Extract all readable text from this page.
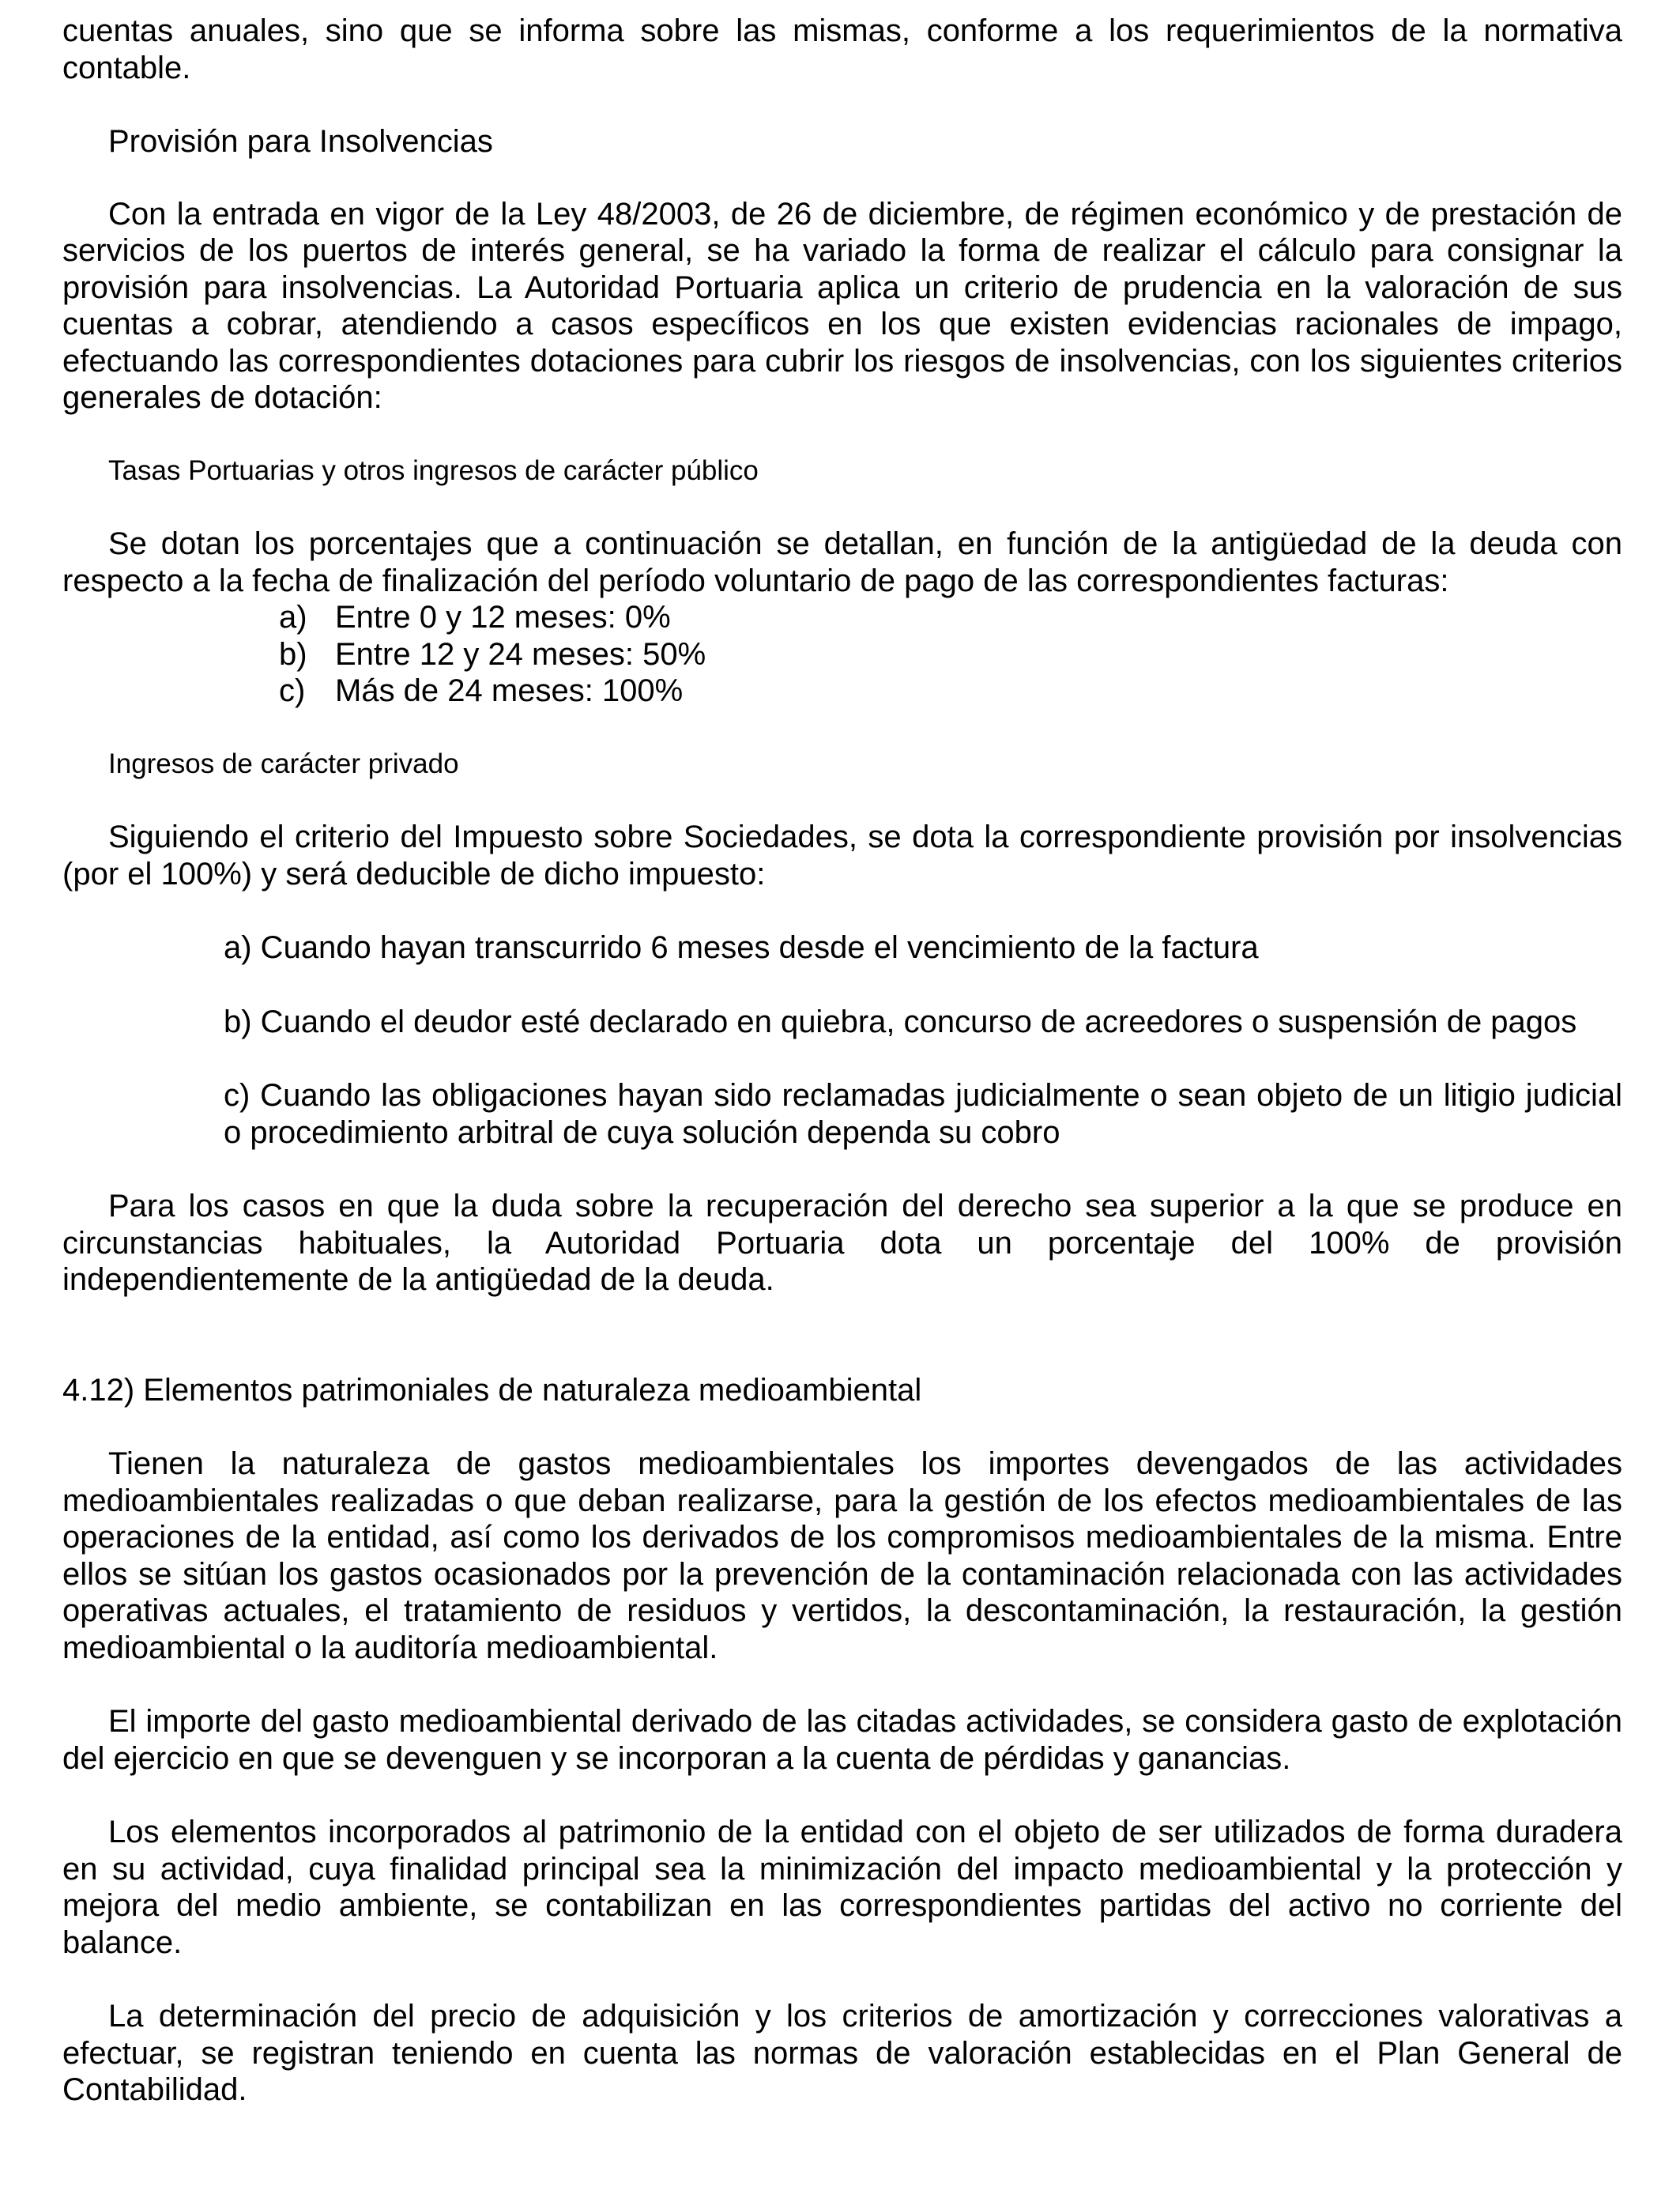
cuentas anuales, sino que se informa sobre las mismas, conforme a los requerimientos de la normativa contable.

Provisión para Insolvencias

Con la entrada en vigor de la Ley 48/2003, de 26 de diciembre, de régimen económico y de prestación de servicios de los puertos de interés general, se ha variado la forma de realizar el cálculo para consignar la provisión para insolvencias. La Autoridad Portuaria aplica un criterio de prudencia en la valoración de sus cuentas a cobrar, atendiendo a casos específicos en los que existen evidencias racionales de impago, efectuando las correspondientes dotaciones para cubrir los riesgos de insolvencias, con los siguientes criterios generales de dotación:

Tasas Portuarias y otros ingresos de carácter público

Se dotan los porcentajes que a continuación se detallan, en función de la antigüedad de la deuda con respecto a la fecha de finalización del período voluntario de pago de las correspondientes facturas:

a) Entre 0 y 12 meses: 0%
b) Entre 12 y 24 meses: 50%
c) Más de 24 meses: 100%

Ingresos de carácter privado

Siguiendo el criterio del Impuesto sobre Sociedades, se dota la correspondiente provisión por insolvencias (por el 100%) y será deducible de dicho impuesto:

a) Cuando hayan transcurrido 6 meses desde el vencimiento de la factura

b) Cuando el deudor esté declarado en quiebra, concurso de acreedores o suspensión de pagos

c) Cuando las obligaciones hayan sido reclamadas judicialmente o sean objeto de un litigio judicial o procedimiento arbitral de cuya solución dependa su cobro

Para los casos en que la duda sobre la recuperación del derecho sea superior a la que se produce en circunstancias habituales, la Autoridad Portuaria dota un porcentaje del 100% de provisión independientemente de la antigüedad de la deuda.

4.12) Elementos patrimoniales de naturaleza medioambiental

Tienen la naturaleza de gastos medioambientales los importes devengados de las actividades medioambientales realizadas o que deban realizarse, para la gestión de los efectos medioambientales de las operaciones de la entidad, así como los derivados de los compromisos medioambientales de la misma. Entre ellos se sitúan los gastos ocasionados por la prevención de la contaminación relacionada con las actividades operativas actuales, el tratamiento de residuos y vertidos, la descontaminación, la restauración, la gestión medioambiental o la auditoría medioambiental.

El importe del gasto medioambiental derivado de las citadas actividades, se considera gasto de explotación del ejercicio en que se devenguen y se incorporan a la cuenta de pérdidas y ganancias.

Los elementos incorporados al patrimonio de la entidad con el objeto de ser utilizados de forma duradera en su actividad, cuya finalidad principal sea la minimización del impacto medioambiental y la protección y mejora del medio ambiente, se contabilizan en las correspondientes partidas del activo no corriente del balance.

La determinación del precio de adquisición y los criterios de amortización y correcciones valorativas a efectuar, se registran teniendo en cuenta las normas de valoración establecidas en el Plan General de Contabilidad.
